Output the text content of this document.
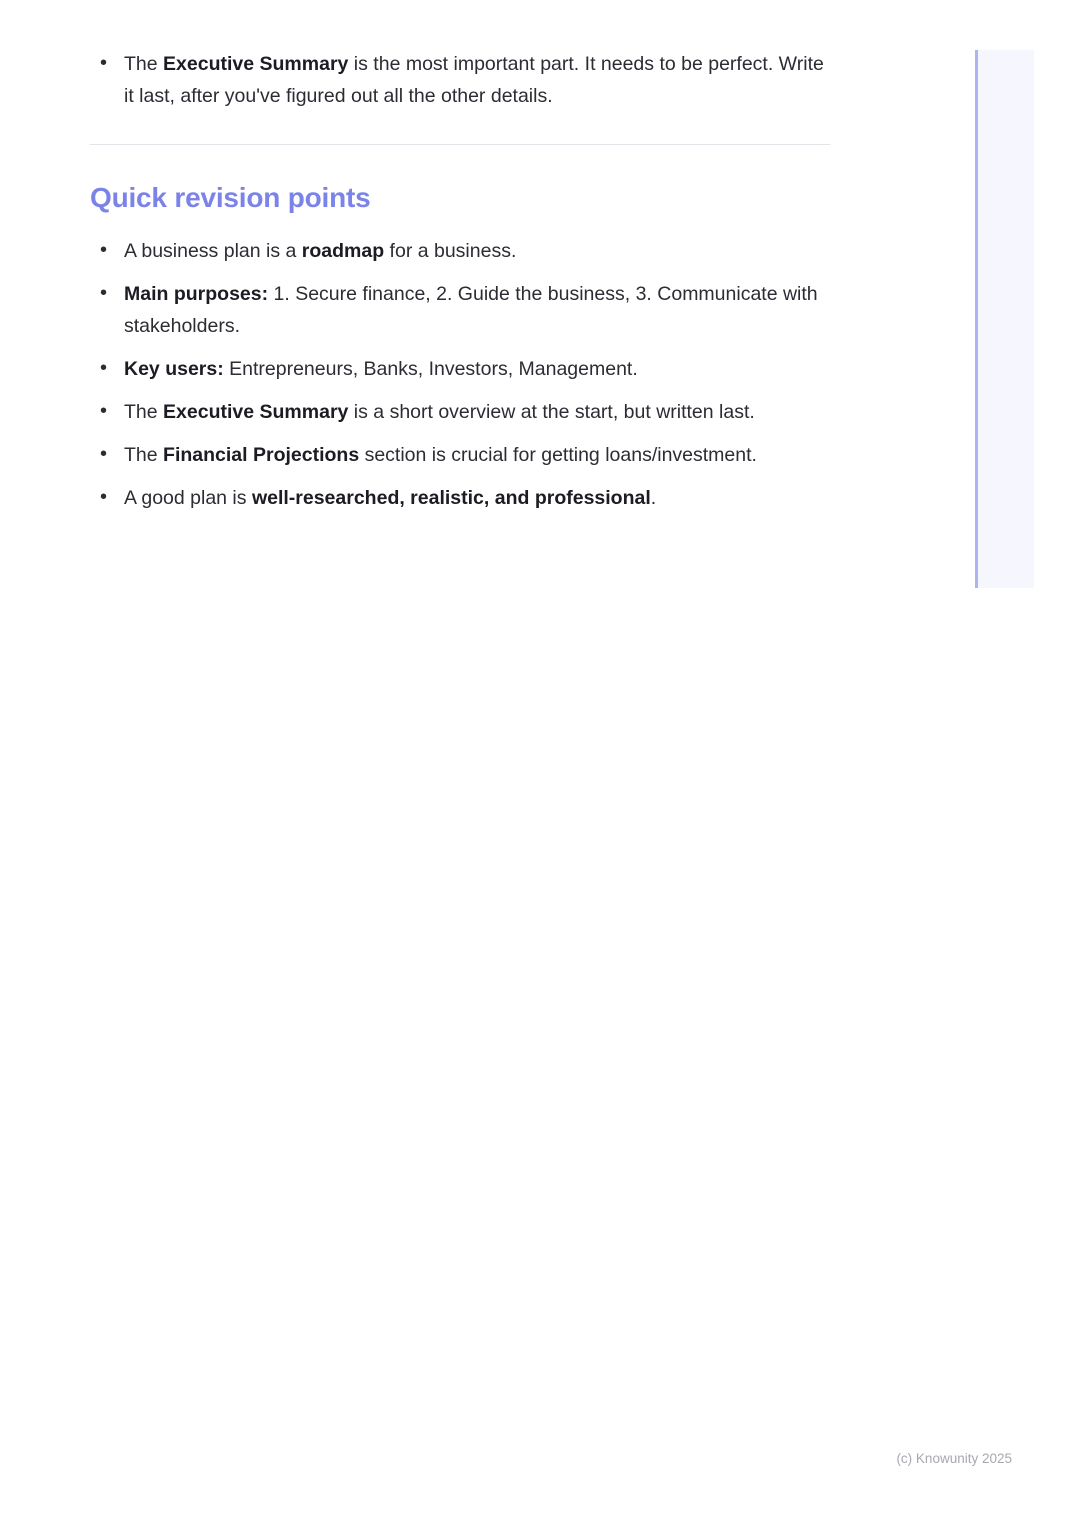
• The Executive Summary is the most important part. It needs to be perfect. Write it last, after you've figured out all the other details.
Quick revision points
• A business plan is a roadmap for a business.
• Main purposes: 1. Secure finance, 2. Guide the business, 3. Communicate with stakeholders.
• Key users: Entrepreneurs, Banks, Investors, Management.
• The Executive Summary is a short overview at the start, but written last.
• The Financial Projections section is crucial for getting loans/investment.
• A good plan is well-researched, realistic, and professional.
(c) Knowunity 2025
